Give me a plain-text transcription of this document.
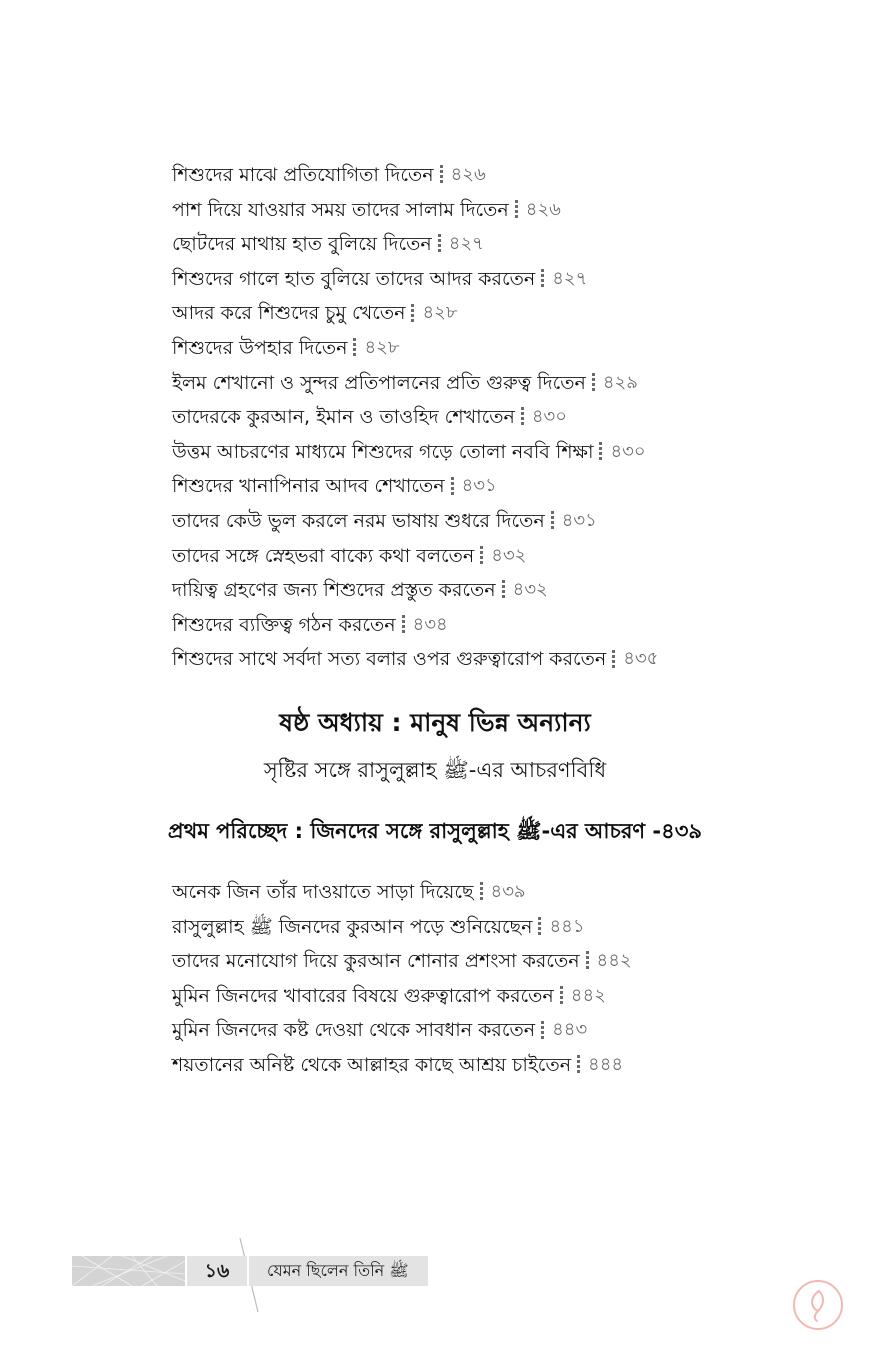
শিশুদের মাঝে প্রতিযোগিতা দিতেন ৪২৬
পাশ দিয়ে যাওয়ার সময় তাদের সালাম দিতেন ৪২৬
ছোটদের মাথায় হাত বুলিয়ে দিতেন ৪২৭
শিশুদের গালে হাত বুলিয়ে তাদের আদর করতেন ৪২৭
আদর করে শিশুদের চুমু খেতেন ৪২৮
শিশুদের উপহার দিতেন ৪২৮
ইলম শেখানো ও সুন্দর প্রতিপালনের প্রতি গুরুত্ব দিতেন ৪২৯
তাদেরকে কুরআন, ইমান ও তাওহিদ শেখাতেন ৪৩০
উত্তম আচরণের মাধ্যমে শিশুদের গড়ে তোলা নববি শিক্ষা ৪৩০
শিশুদের খানাপিনার আদব শেখাতেন ৪৩১
তাদের কেউ ভুল করলে নরম ভাষায় শুধরে দিতেন ৪৩১
তাদের সঙ্গে স্নেহভরা বাক্যে কথা বলতেন ৪৩২
দায়িত্ব গ্রহণের জন্য শিশুদের প্রস্তুত করতেন ৪৩২
শিশুদের ব্যক্তিত্ব গঠন করতেন ৪৩৪
শিশুদের সাথে সর্বদা সত্য বলার ওপর গুরুত্বারোপ করতেন ৪৩৫
ষষ্ঠ অধ্যায় : মানুষ ভিন্ন অন্যান্য
সৃষ্টির সঙ্গে রাসুলুল্লাহ ﷺ-এর আচরণবিধি
প্রথম পরিচ্ছেদ : জিনদের সঙ্গে রাসুলুল্লাহ ﷺ-এর আচরণ -৪৩৯
অনেক জিন তাঁর দাওয়াতে সাড়া দিয়েছে ৪৩৯
রাসুলুল্লাহ ﷺ জিনদের কুরআন পড়ে শুনিয়েছেন ৪৪১
তাদের মনোযোগ দিয়ে কুরআন শোনার প্রশংসা করতেন ৪৪২
মুমিন জিনদের খাবারের বিষয়ে গুরুত্বারোপ করতেন ৪৪২
মুমিন জিনদের কষ্ট দেওয়া থেকে সাবধান করতেন ৪৪৩
শয়তানের অনিষ্ট থেকে আল্লাহর কাছে আশ্রয় চাইতেন ৪৪৪
১৬	যেমন ছিলেন তিনি ﷺ
